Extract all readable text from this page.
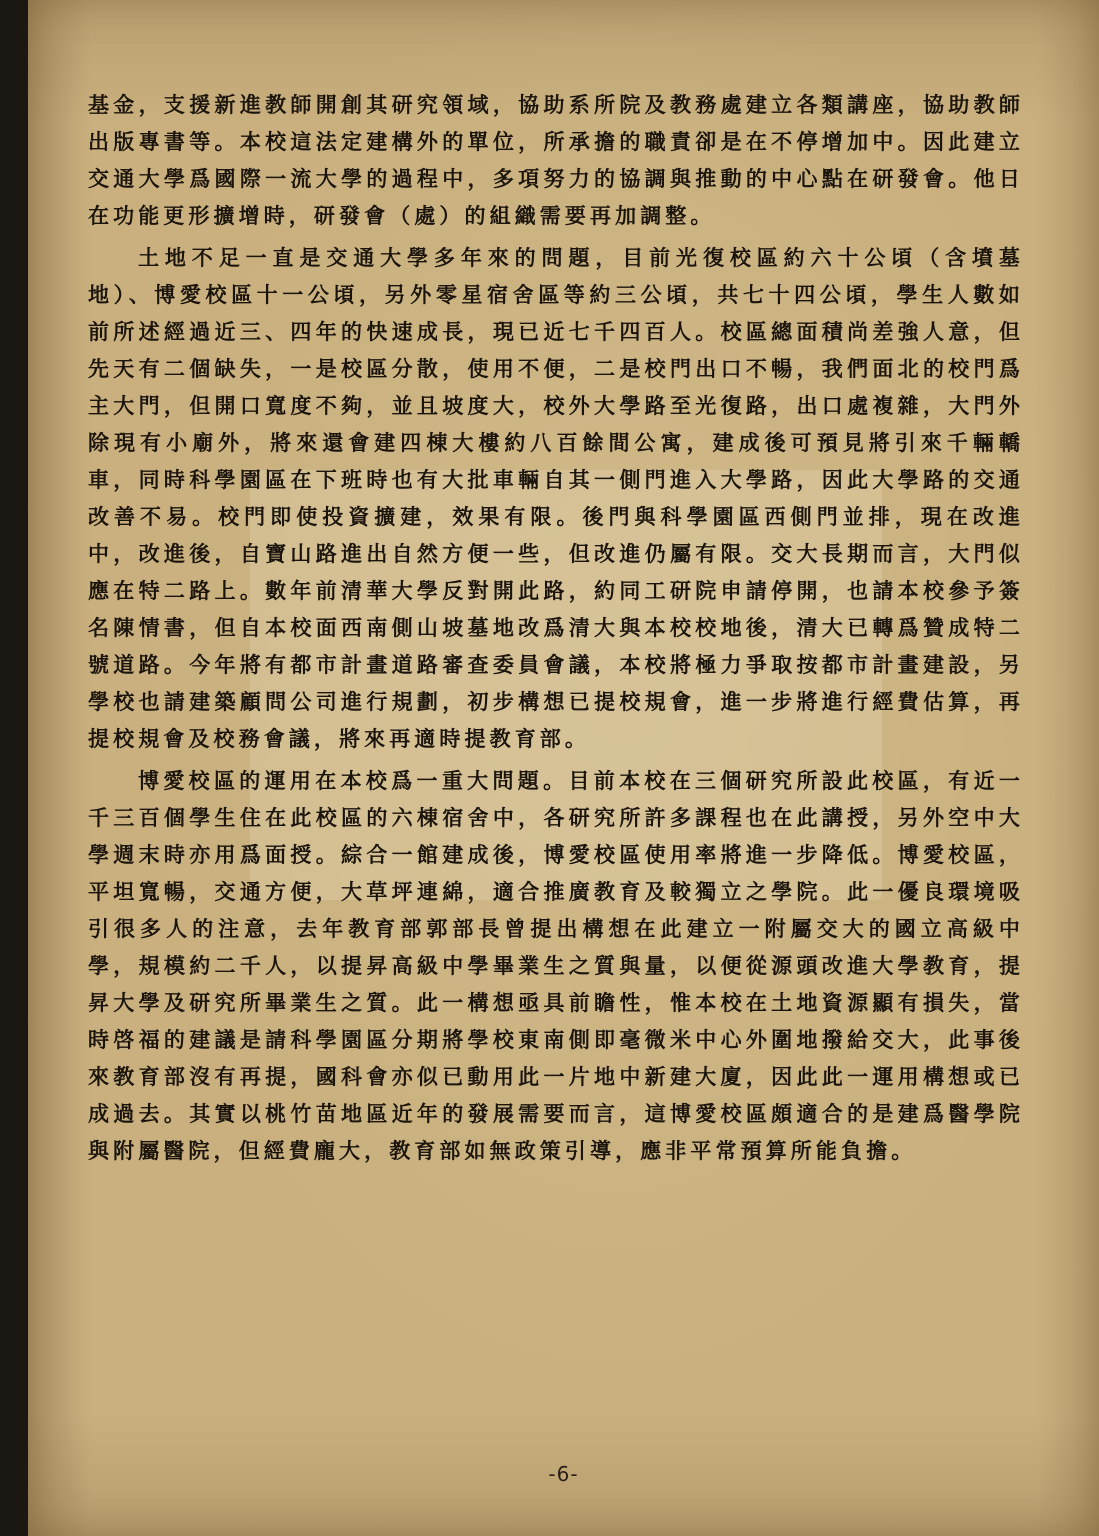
基金，支援新進教師開創其研究領域，協助系所院及教務處建立各類講座，協助教師出版專書等。本校這法定建構外的單位，所承擔的職責卻是在不停增加中。因此建立交通大學爲國際一流大學的過程中，多項努力的協調與推動的中心點在研發會。他日在功能更形擴增時，研發會（處）的組織需要再加調整。

土地不足一直是交通大學多年來的問題，目前光復校區約六十公頃（含墳墓地）、博愛校區十一公頃，另外零星宿舍區等約三公頃，共七十四公頃，學生人數如前所述經過近三、四年的快速成長，現已近七千四百人。校區總面積尚差強人意，但先天有二個缺失，一是校區分散，使用不便，二是校門出口不暢，我們面北的校門爲主大門，但開口寬度不夠，並且坡度大，校外大學路至光復路，出口處複雜，大門外除現有小廟外，將來還會建四棟大樓約八百餘間公寓，建成後可預見將引來千輛轎車，同時科學園區在下班時也有大批車輛自其一側門進入大學路，因此大學路的交通改善不易。校門即使投資擴建，效果有限。後門與科學園區西側門並排，現在改進中，改進後，自寶山路進出自然方便一些，但改進仍屬有限。交大長期而言，大門似應在特二路上。數年前清華大學反對開此路，約同工研院申請停開，也請本校參予簽名陳情書，但自本校面西南側山坡墓地改爲清大與本校校地後，清大已轉爲贊成特二號道路。今年將有都市計畫道路審查委員會議，本校將極力爭取按都市計畫建設，另學校也請建築顧問公司進行規劃，初步構想已提校規會，進一步將進行經費估算，再提校規會及校務會議，將來再適時提教育部。

博愛校區的運用在本校爲一重大問題。目前本校在三個研究所設此校區，有近一千三百個學生住在此校區的六棟宿舍中，各研究所許多課程也在此講授，另外空中大學週末時亦用爲面授。綜合一館建成後，博愛校區使用率將進一步降低。博愛校區，平坦寬暢，交通方便，大草坪連綿，適合推廣教育及較獨立之學院。此一優良環境吸引很多人的注意，去年教育部郭部長曾提出構想在此建立一附屬交大的國立高級中學，規模約二千人，以提昇高級中學畢業生之質與量，以便從源頭改進大學教育，提昇大學及研究所畢業生之質。此一構想亟具前瞻性，惟本校在土地資源顯有損失，當時啓福的建議是請科學園區分期將學校東南側即毫微米中心外圍地撥給交大，此事後來教育部沒有再提，國科會亦似已動用此一片地中新建大廈，因此此一運用構想或已成過去。其實以桃竹苗地區近年的發展需要而言，這博愛校區頗適合的是建爲醫學院與附屬醫院，但經費龐大，教育部如無政策引導，應非平常預算所能負擔。

-6-
